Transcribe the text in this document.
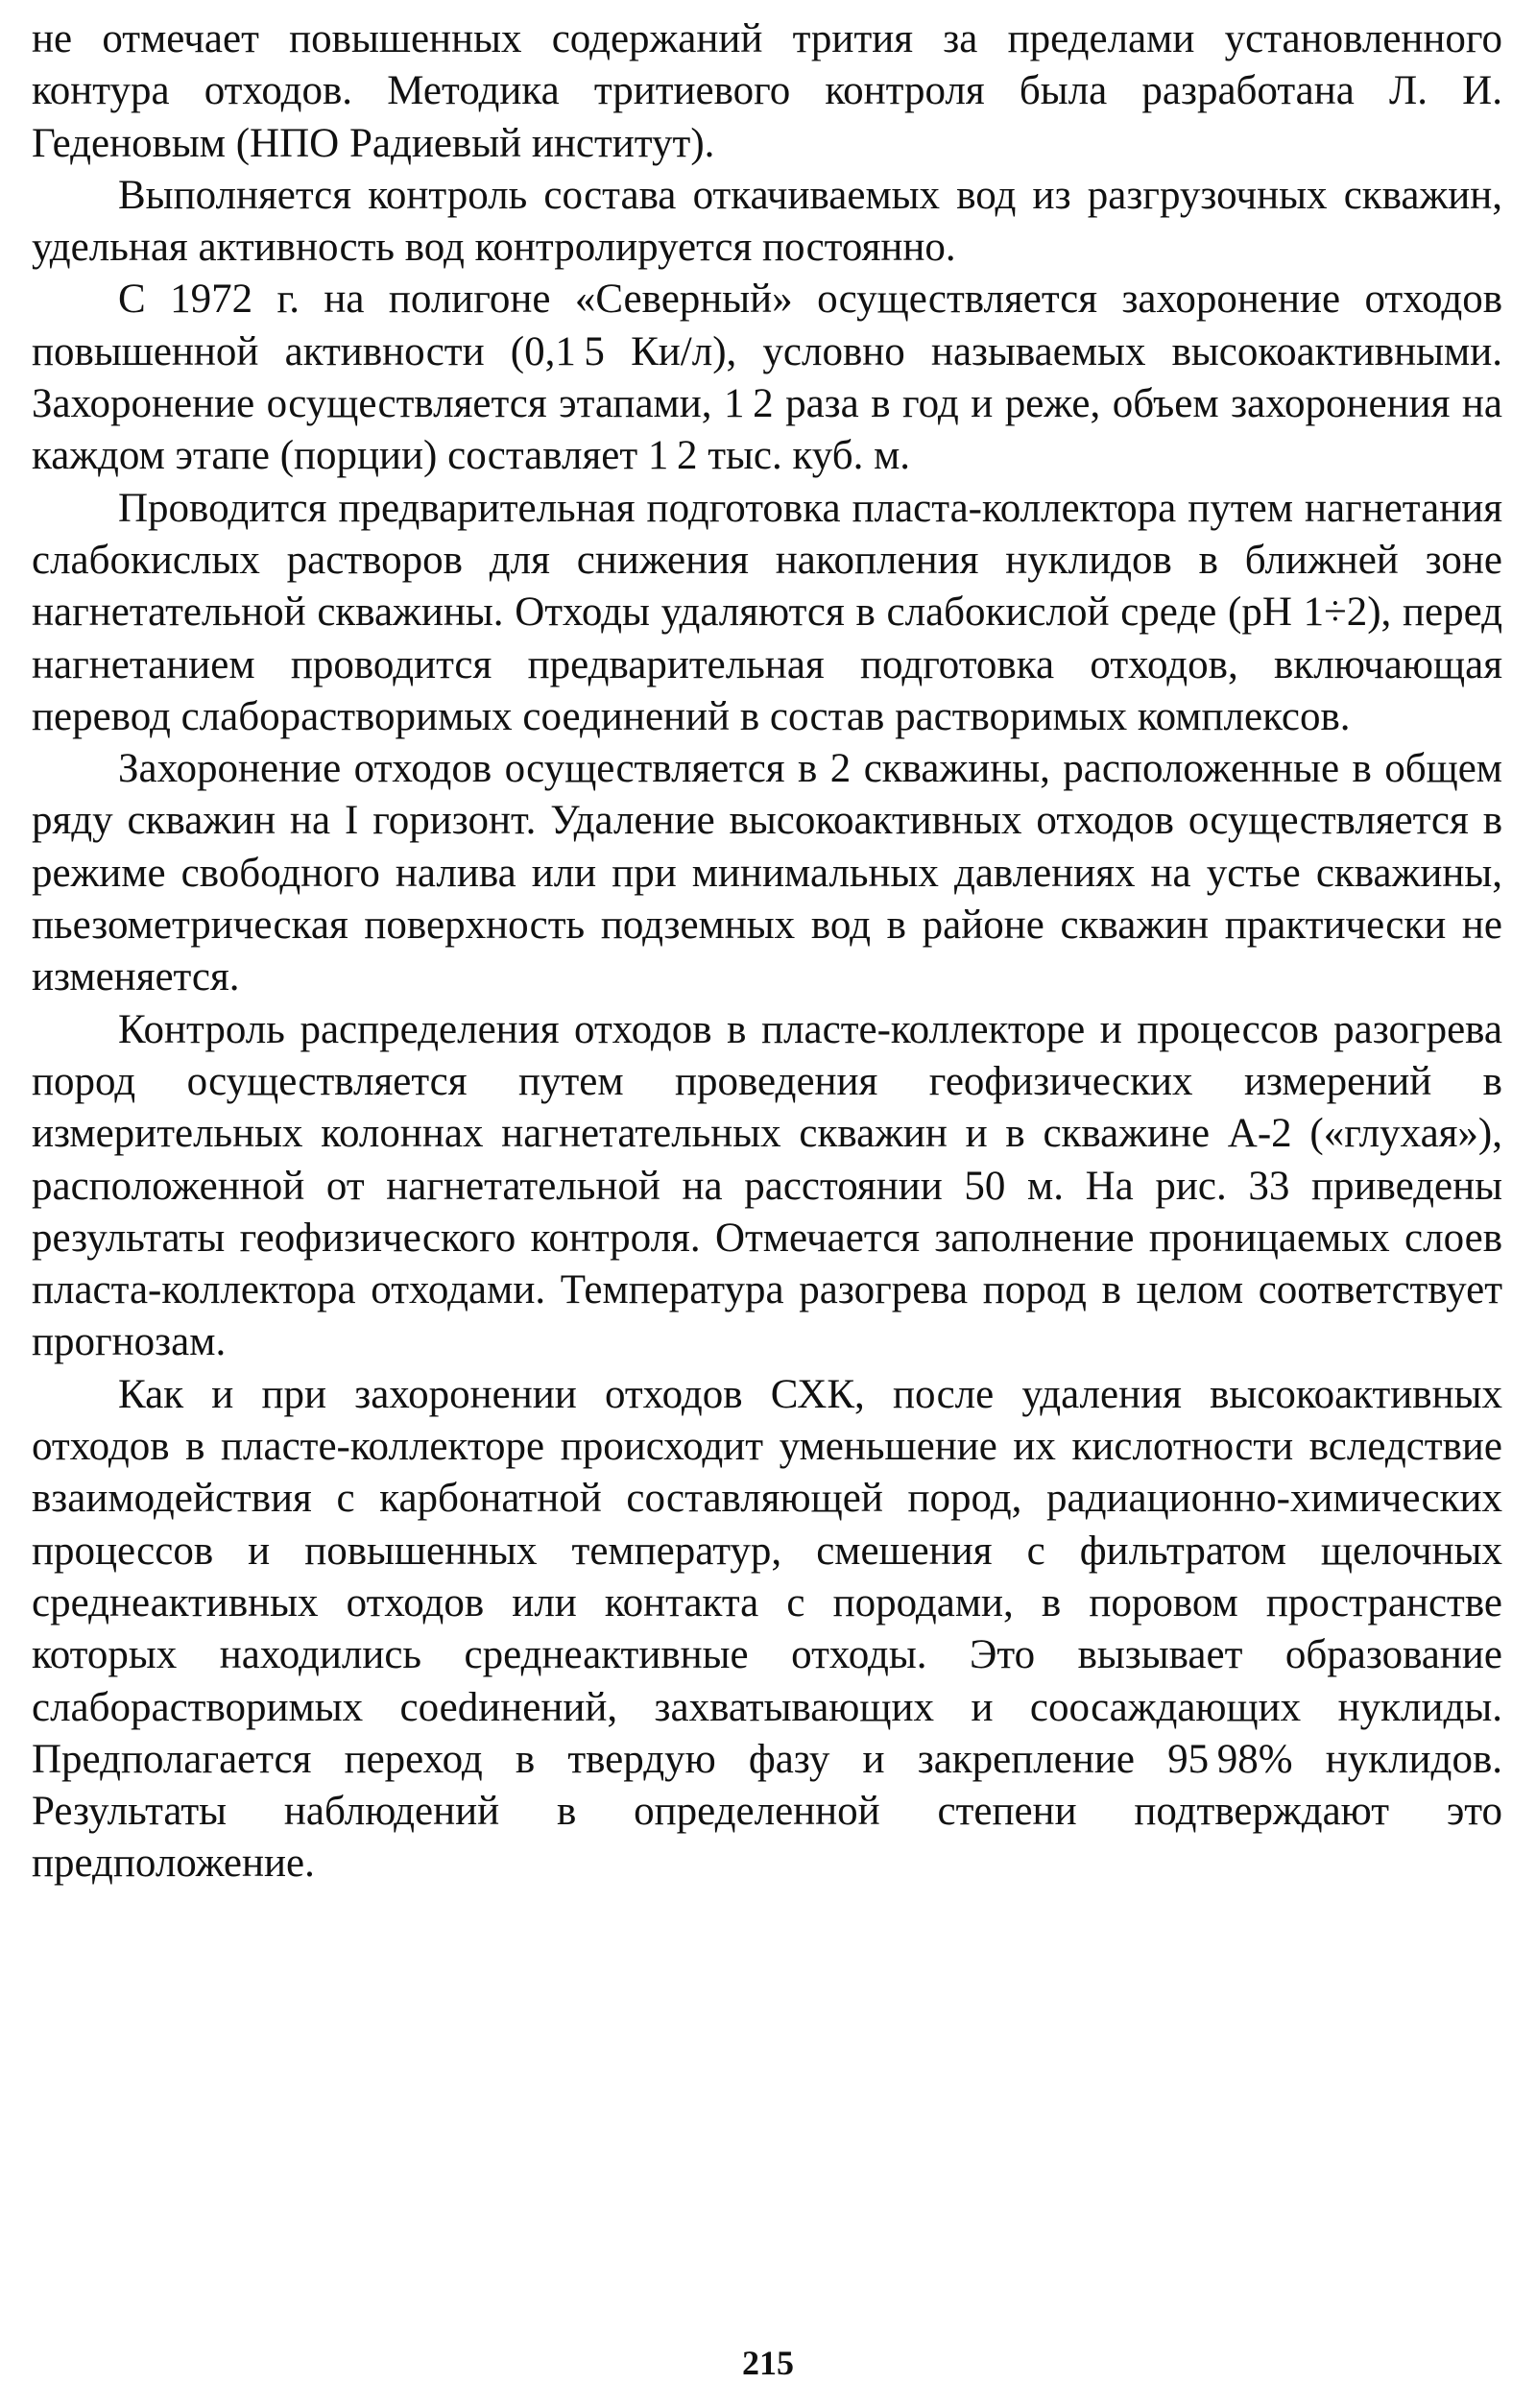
не отмечает повышенных содержаний трития за пределами установленного контура отходов. Методика тритиевого контроля была разработана Л. И. Геденовым (НПО Радиевый институт).

Выполняется контроль состава откачиваемых вод из разгрузочных скважин, удельная активность вод контролируется постоянно.

С 1972 г. на полигоне «Северный» осуществляется захоронение отходов повышенной активности (0,1 5 Ки/л), условно называемых высокоактивными. Захоронение осуществляется этапами, 1 2 раза в год и реже, объем захоронения на каждом этапе (порции) составляет 1 2 тыс. куб. м.

Проводится предварительная подготовка пласта-коллектора путем нагнетания слабокислых растворов для снижения накопления нуклидов в ближней зоне нагнетательной скважины. Отходы удаляются в слабокислой среде (pH 1÷2), перед нагнетанием проводится предварительная подготовка отходов, включающая перевод слаборастворимых соединений в состав растворимых комплексов.

Захоронение отходов осуществляется в 2 скважины, расположенные в общем ряду скважин на I горизонт. Удаление высокоактивных отходов осуществляется в режиме свободного налива или при минимальных давлениях на устье скважины, пьезометрическая поверхность подземных вод в районе скважин практически не изменяется.

Контроль распределения отходов в пласте-коллекторе и процессов разогрева пород осуществляется путем проведения геофизических измерений в измерительных колоннах нагнетательных скважин и в скважине А-2 («глухая»), расположенной от нагнетательной на расстоянии 50 м. На рис. 33 приведены результаты геофизического контроля. Отмечается заполнение проницаемых слоев пласта-коллектора отходами. Температура разогрева пород в целом соответствует прогнозам.

Как и при захоронении отходов СХК, после удаления высокоактивных отходов в пласте-коллекторе происходит уменьшение их кислотности вследствие взаимодействия с карбонатной составляющей пород, радиационно-химических процессов и повышенных температур, смешения с фильтратом щелочных среднеактивных отходов или контакта с породами, в поровом пространстве которых находились среднеактивные отходы. Это вызывает образование слаборастворимых соеdинений, захватывающих и соосаждающих нуклиды. Предполагается переход в твердую фазу и закрепление 95 98% нуклидов. Результаты наблюдений в определенной степени подтверждают это предположение.

215
